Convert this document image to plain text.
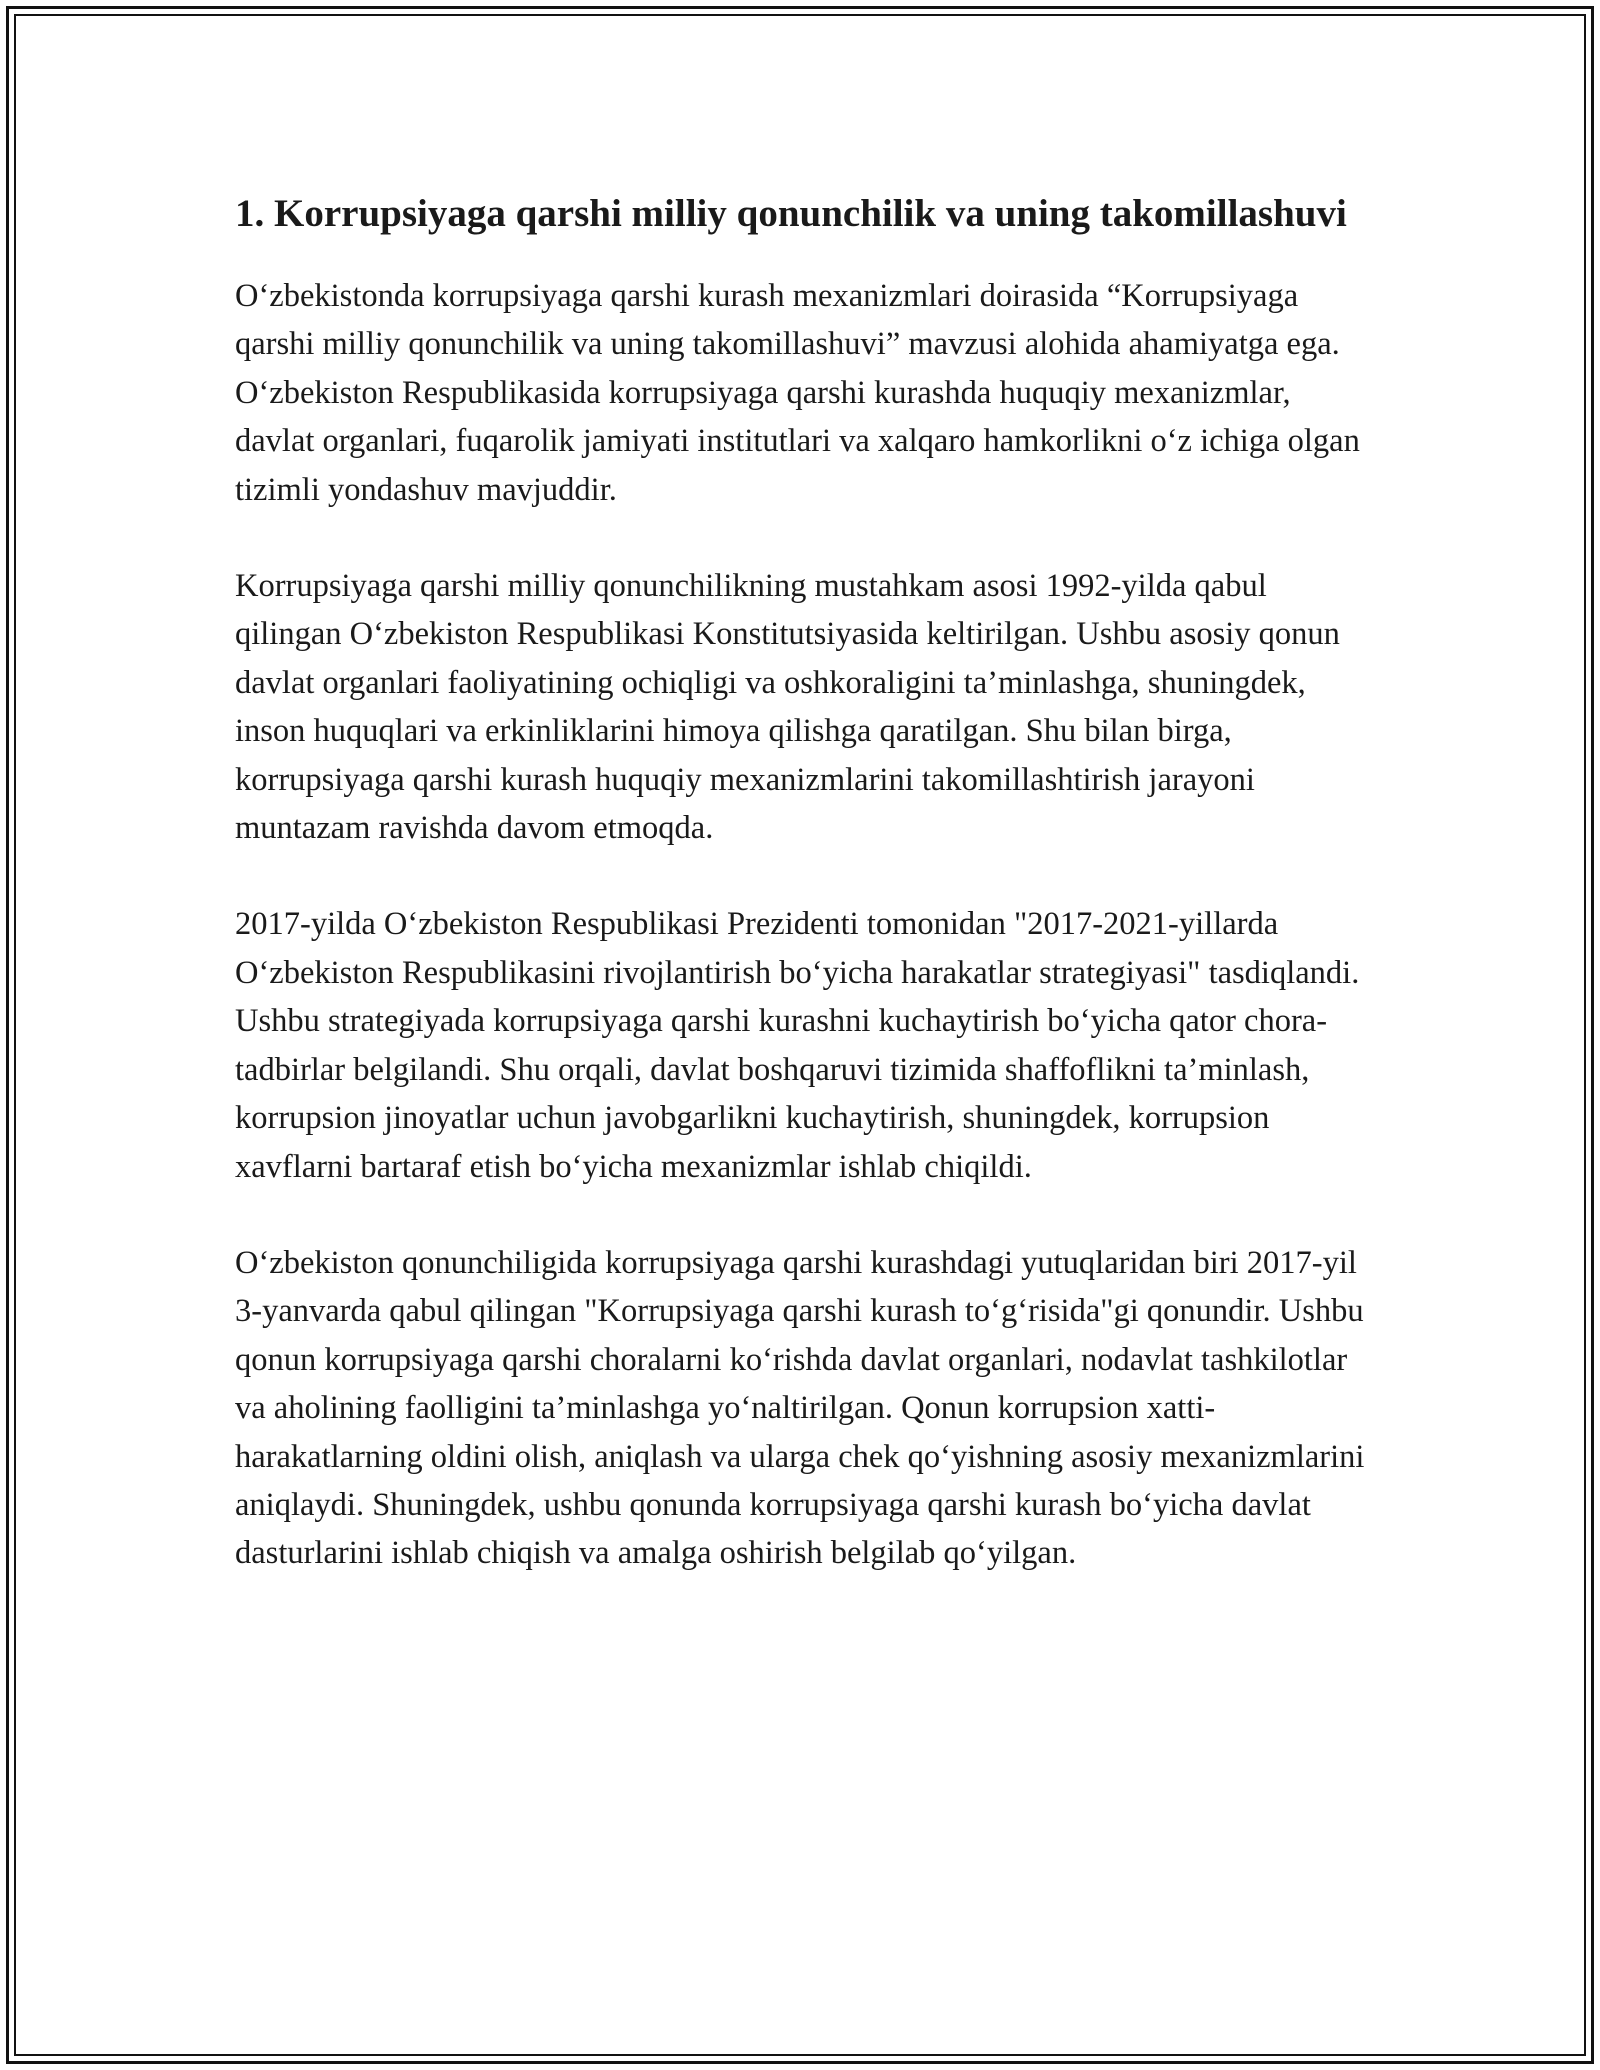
1. Korrupsiyaga qarshi milliy qonunchilik va uning takomillashuvi

O‘zbekistonda korrupsiyaga qarshi kurash mexanizmlari doirasida “Korrupsiyaga qarshi milliy qonunchilik va uning takomillashuvi” mavzusi alohida ahamiyatga ega. O‘zbekiston Respublikasida korrupsiyaga qarshi kurashda huquqiy mexanizmlar, davlat organlari, fuqarolik jamiyati institutlari va xalqaro hamkorlikni o‘z ichiga olgan tizimli yondashuv mavjuddir.

Korrupsiyaga qarshi milliy qonunchilikning mustahkam asosi 1992-yilda qabul qilingan O‘zbekiston Respublikasi Konstitutsiyasida keltirilgan. Ushbu asosiy qonun davlat organlari faoliyatining ochiqligi va oshkoraligini ta’minlashga, shuningdek, inson huquqlari va erkinliklarini himoya qilishga qaratilgan. Shu bilan birga, korrupsiyaga qarshi kurash huquqiy mexanizmlarini takomillashtirish jarayoni muntazam ravishda davom etmoqda.

2017-yilda O‘zbekiston Respublikasi Prezidenti tomonidan "2017-2021-yillarda O‘zbekiston Respublikasini rivojlantirish bo‘yicha harakatlar strategiyasi" tasdiqlandi. Ushbu strategiyada korrupsiyaga qarshi kurashni kuchaytirish bo‘yicha qator chora-tadbirlar belgilandi. Shu orqali, davlat boshqaruvi tizimida shaffoflikni ta’minlash, korrupsion jinoyatlar uchun javobgarlikni kuchaytirish, shuningdek, korrupsion xavflarni bartaraf etish bo‘yicha mexanizmlar ishlab chiqildi.

O‘zbekiston qonunchiligida korrupsiyaga qarshi kurashdagi yutuqlaridan biri 2017-yil 3-yanvarda qabul qilingan "Korrupsiyaga qarshi kurash to‘g‘risida"gi qonundir. Ushbu qonun korrupsiyaga qarshi choralarni ko‘rishda davlat organlari, nodavlat tashkilotlar va aholining faolligini ta’minlashga yo‘naltirilgan. Qonun korrupsion xatti-harakatlarning oldini olish, aniqlash va ularga chek qo‘yishning asosiy mexanizmlarini aniqlaydi. Shuningdek, ushbu qonunda korrupsiyaga qarshi kurash bo‘yicha davlat dasturlarini ishlab chiqish va amalga oshirish belgilab qo‘yilgan.
